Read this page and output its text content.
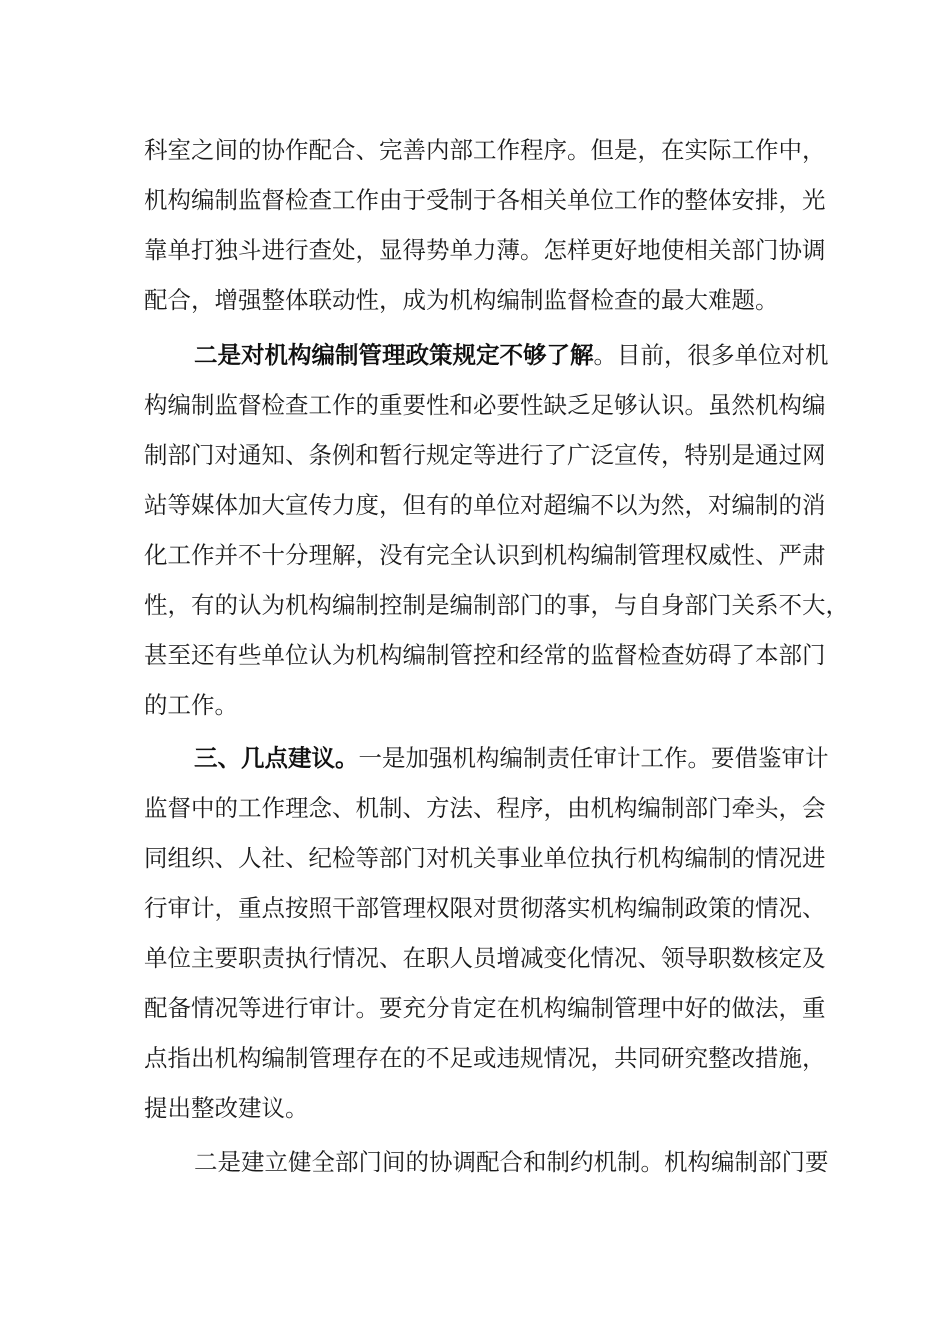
科室之间的协作配合、完善内部工作程序。但是，在实际工作中，
机构编制监督检查工作由于受制于各相关单位工作的整体安排，光
靠单打独斗进行查处，显得势单力薄。怎样更好地使相关部门协调
配合，增强整体联动性，成为机构编制监督检查的最大难题。
二是对机构编制管理政策规定不够了解。目前，很多单位对机
构编制监督检查工作的重要性和必要性缺乏足够认识。虽然机构编
制部门对通知、条例和暂行规定等进行了广泛宣传，特别是通过网
站等媒体加大宣传力度，但有的单位对超编不以为然，对编制的消
化工作并不十分理解，没有完全认识到机构编制管理权威性、严肃
性，有的认为机构编制控制是编制部门的事，与自身部门关系不大，
甚至还有些单位认为机构编制管控和经常的监督检查妨碍了本部门
的工作。
三、几点建议。一是加强机构编制责任审计工作。要借鉴审计
监督中的工作理念、机制、方法、程序，由机构编制部门牵头，会
同组织、人社、纪检等部门对机关事业单位执行机构编制的情况进
行审计，重点按照干部管理权限对贯彻落实机构编制政策的情况、
单位主要职责执行情况、在职人员增减变化情况、领导职数核定及
配备情况等进行审计。要充分肯定在机构编制管理中好的做法，重
点指出机构编制管理存在的不足或违规情况，共同研究整改措施，
提出整改建议。
二是建立健全部门间的协调配合和制约机制。机构编制部门要
